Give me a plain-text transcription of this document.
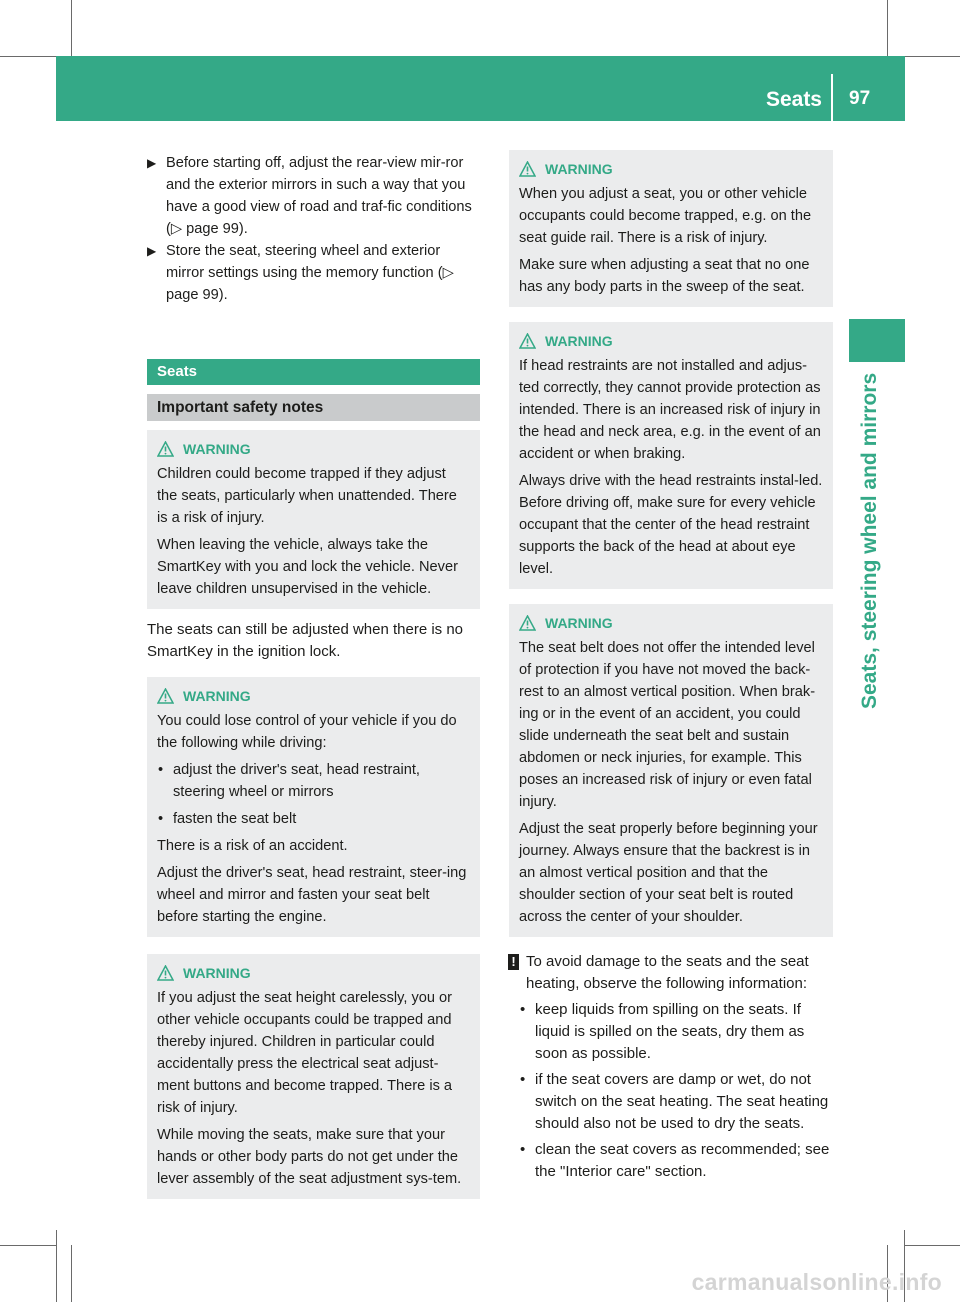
Seats 97
Seats, steering wheel and mirrors

▶ Before starting off, adjust the rear-view mir-ror and the exterior mirrors in such a way that you have a good view of road and traf-fic conditions (▷ page 99).

▶ Store the seat, steering wheel and exterior mirror settings using the memory function (▷ page 99).

Seats
Important safety notes
WARNING

Children could become trapped if they adjust the seats, particularly when unattended. There is a risk of injury.

When leaving the vehicle, always take the SmartKey with you and lock the vehicle. Never leave children unsupervised in the vehicle.

The seats can still be adjusted when there is no SmartKey in the ignition lock.

WARNING

You could lose control of your vehicle if you do the following while driving:

• adjust the driver's seat, head restraint, steering wheel or mirrors

• fasten the seat belt

There is a risk of an accident.

Adjust the driver's seat, head restraint, steer-ing wheel and mirror and fasten your seat belt before starting the engine.

WARNING

If you adjust the seat height carelessly, you or other vehicle occupants could be trapped and thereby injured. Children in particular could accidentally press the electrical seat adjust-ment buttons and become trapped. There is a risk of injury.

While moving the seats, make sure that your hands or other body parts do not get under the lever assembly of the seat adjustment sys-tem.

WARNING

When you adjust a seat, you or other vehicle occupants could become trapped, e.g. on the seat guide rail. There is a risk of injury.

Make sure when adjusting a seat that no one has any body parts in the sweep of the seat.

WARNING

If head restraints are not installed and adjus-ted correctly, they cannot provide protection as intended. There is an increased risk of injury in the head and neck area, e.g. in the event of an accident or when braking.

Always drive with the head restraints instal-led. Before driving off, make sure for every vehicle occupant that the center of the head restraint supports the back of the head at about eye level.

WARNING

The seat belt does not offer the intended level of protection if you have not moved the back-rest to an almost vertical position. When brak-ing or in the event of an accident, you could slide underneath the seat belt and sustain abdomen or neck injuries, for example. This poses an increased risk of injury or even fatal injury.

Adjust the seat properly before beginning your journey. Always ensure that the backrest is in an almost vertical position and that the shoulder section of your seat belt is routed across the center of your shoulder.

! To avoid damage to the seats and the seat heating, observe the following information:

• keep liquids from spilling on the seats. If liquid is spilled on the seats, dry them as soon as possible.

• if the seat covers are damp or wet, do not switch on the seat heating. The seat heating should also not be used to dry the seats.

• clean the seat covers as recommended; see the "Interior care" section.

carmanualsonline.info
